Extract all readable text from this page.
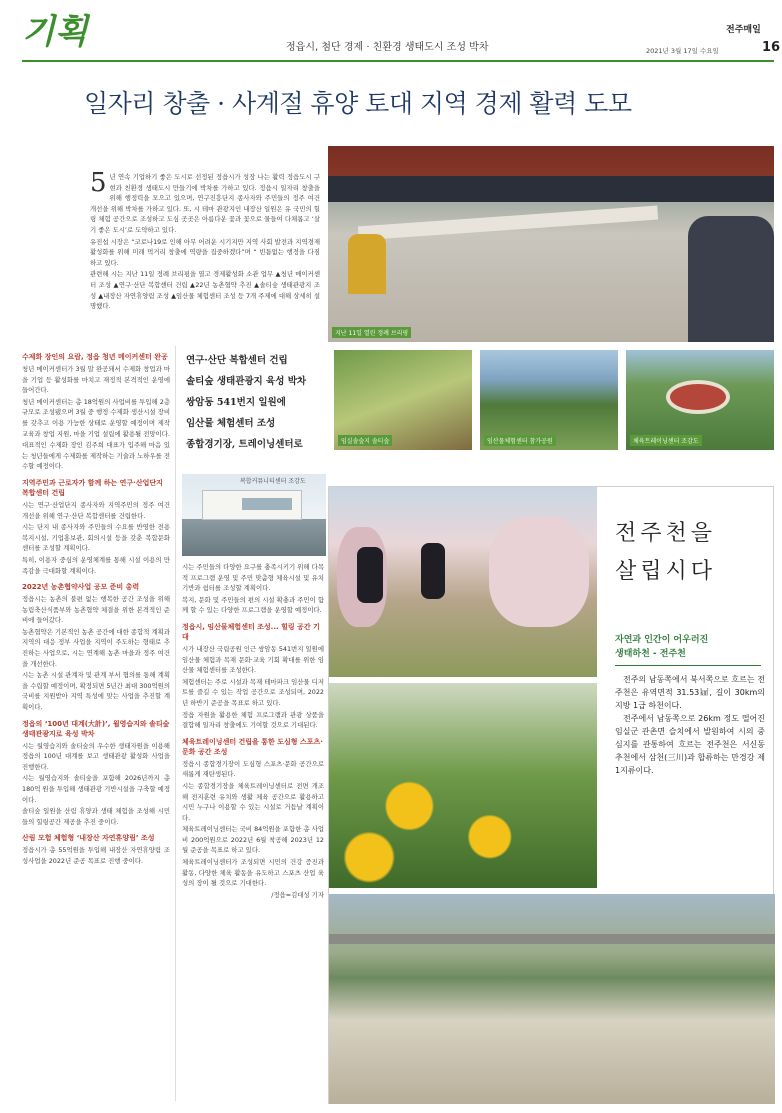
기획	정읍시, 첨단 경제 · 친환경 생태도시 조성 박차
전주매일
2021년 3월 17일 수요일	16
일자리 창출 · 사계절 휴양 토대 지역 경제 활력 도모

5 년 연속 기업하기 좋은 도시로 선정된 정읍시가 성장 나는 활력 정읍도시 구현과 친환경 생태도시 만들기에 박차를 가하고 있다. 정읍시 일자리 창출을 위해 행정력을 모으고 있으며, 연구진흥단지 종사자와 주민들의 정주 여건 개선을 위해 박차를 가하고 있다. 또, 시 테마 관광지인 내장산 일원은 유 국민의 힐링 체험 공간으로 조성하고 도심 곳곳은 아름다운 꽃과 꽃으로 물들여 다채롭고 ‘살기 좋은 도시’로 도약하고 있다.

유진섭 시장은 “코로나19로 인해 아무 어려운 시기지만 지역 사회 발전과 지역경제 활성화를 위해 미래 먹거리 창출에 역량을 집중하겠다”며 “ 빈틈없는 행정을 다짐하고 있다.

관련해 시는 지난 11일 정례 브리핑을 열고 경제활성화 소관 업무 ▲청년 메이커센터 조성 ▲연구·산단 복합센터 건립 ▲22년 농촌협약 추진 ▲솔티숲 생태관광지 조성 ▲내장산 자연휴양림 조성 ▲임산물 체험센터 조성 등 7개 주제에 대해 상세히 설명했다.

지난 11일 열린 정례 브리핑
수제화 장인의 요람, 정읍 청년 메이커센터 완공

청년 메이커센터가 3월 말 완공돼서 수제화 창업과 마을 기업 등 활성화를 마치고 재정적 본격적인 운영에 들어간다.

청년 메이커센터는 총 18억원의 사업비를 투입해 2층 규모로 조성됐으며 3월 중 행정 수제화 생산시설 장비를 갖추고 이용 가능한 상태로 운영할 예정이며 제작 교육과 창업 지원, 마을 기업 설립에 활용될 전망이다.

대표적인 수제화 장인 김주희 대표가 입주해 마음 있는 청년들에게 수제화를 제작하는 기술과 노하우를 전수할 예정이다.

지역주민과 근로자가 함께 하는 연구·산업단지 복합센터 건립

시는 연구·산업단지 종사자와 지역주민의 정주 여건 개선을 위해 연구·산단 복합센터를 건립한다.

시는 단지 내 종사자와 주민들의 수요를 반영한 전용 복지시설, 기업홍보관, 회의시설 등을 갖춘 복합문화센터를 조성할 계획이다.

특히, 이용자 중심의 운영체계를 통해 시설 이용의 만족감을 극대화할 계획이다.

2022년 농촌협약사업 공모 준비 총력

정읍시는 농촌의 불편 없는 행복한 공간 조성을 위해 농림축산식품부와 농촌협약 체결을 위한 본격적인 준비에 들어갔다.

농촌협약은 기본적인 농촌 공간에 대한 종합적 계획과 지역의 대응 정부 사업을 지역이 주도하는 형태로 추진하는 사업으로, 시는 연계해 농촌 마을과 정주 여건을 개선한다.

시는 농촌 시설 관계자 및 관계 부서 협의를 통해 계획을 수립할 예정이며, 확정되면 5년간 최대 300억원의 국비를 지원받아 지역 특성에 맞는 사업을 추진할 계획이다.

정읍의 ‘100년 대계(大計)’, 월영습지와 솔티숲 생태관광지로 육성 박차

시는 월영습지와 솔티숲의 우수한 생태자원을 이용해 정읍의 100년 대계를 보고 생태관광 활성화 사업을 진행한다.

시는 월영습지와 솔티숲을 포함해 2026년까지 총 180억 원을 투입해 생태관광 기반시설을 구축할 예정이다.

솔티숲 일원을 산림 휴양과 생태 체험을 조성해 시민들의 힐링공간 제공을 추진 중이다.

산림 모험 체험형 ‘내장산 자연휴양림’ 조성

정읍시가 총 55억원을 투입해 내장산 자연휴양림 조성사업을 2022년 준공 목표로 진행 중이다.

연구·산단 복합센터 건립
솔티숲 생태관광지 육성 박차
쌍암동 541번지 일원에
임산물 체험센터 조성
종합경기장, 트레이닝센터로	임실솔숲지 솔티숲	임산물체험센터 참가공원	체육트레이닝센터 조감도
복합커뮤니티센터 조감도

시는 주민들의 다양한 요구를 충족시키기 위해 다목적 프로그램 운영 및 주민 맞춤형 체육시설 및 유치 기반과 쉼터를 조성할 계획이다.

복지, 문화 및 주민들의 편의 시설 확충과 주민이 함께 할 수 있는 다양한 프로그램을 운영할 예정이다.

정읍시, 임산물체험센터 조성... 힐링 공간 기대

시가 내장산 국립공원 인근 쌍암동 541번지 일원에 임산물 체험과 목재 문화·교육 기회 확대를 위한 임산물 체험센터를 조성한다.

체험센터는 주로 시설과 목재 테마파크 임산물 디저트를 즐길 수 있는 작업 공간으로 조성되며, 2022년 하반기 준공을 목표로 하고 있다.

정읍 자원을 활용한 체험 프로그램과 관광 상품을 결합해 일자리 창출에도 기여할 것으로 기대된다.

체육트레이닝센터 건립을 통한 도심형 스포츠·문화 공간 조성

정읍시 종합경기장이 도심형 스포츠·문화 공간으로 새롭게 재탄생된다.

시는 종합경기장을 체육트레이닝센터로 전면 개조해 전지훈련 유치와 생활 체육 공간으로 활용하고 시민 누구나 이용할 수 있는 시설로 거듭날 계획이다.

체육트레이닝센터는 국비 84억원을 포함한 총 사업비 200억원으로 2022년 6월 착공해 2023년 12월 준공을 목표로 하고 있다.

체육트레이닝센터가 조성되면 시민의 건강 증진과 활동, 다양한 체육 활동을 유도하고 스포츠 산업 육성의 장이 될 것으로 기대한다.

/정읍=김대성 기자

전주천을
살립시다
자연과 인간이 어우러진
생태하천 - 전주천

전주의 남동쪽에서 북서쪽으로 흐르는 전주천은 유역면적 31.53㎢, 길이 30km의 지방 1급 하천이다.

전주에서 남동쪽으로 26km 정도 떨어진 임실군 관촌면 슬치에서 발원하여 시의 중심지를 관통하여 흐르는 전주천은 서신동 추천에서 삼천(三川)과 합류하는 만경강 제1지류이다.
